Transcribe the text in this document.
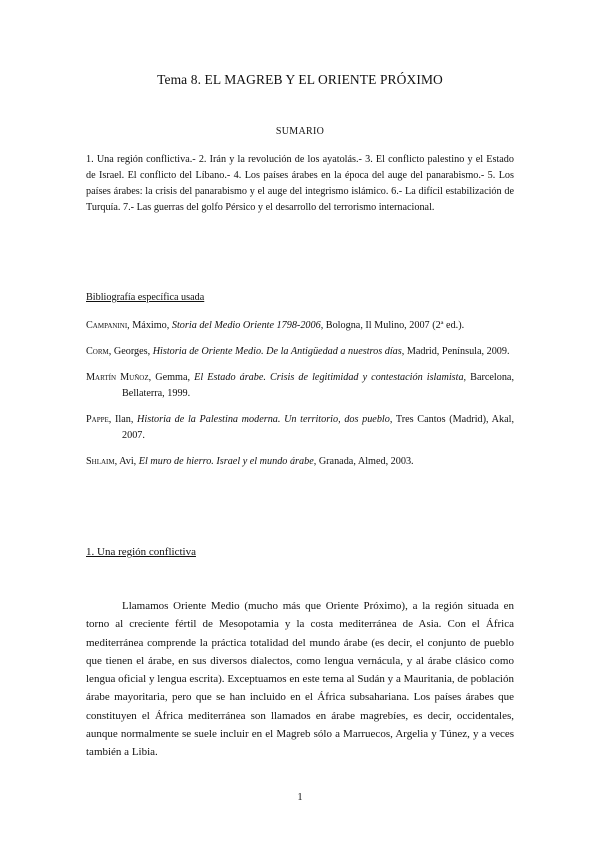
Tema 8. EL MAGREB Y EL ORIENTE PRÓXIMO
SUMARIO
1. Una región conflictiva.- 2. Irán y la revolución de los ayatolás.- 3. El conflicto palestino y el Estado de Israel. El conflicto del Líbano.- 4. Los países árabes en la época del auge del panarabismo.- 5. Los países árabes: la crisis del panarabismo y el auge del integrismo islámico. 6.- La difícil estabilización de Turquía. 7.- Las guerras del golfo Pérsico y el desarrollo del terrorismo internacional.
Bibliografía específica usada

Campanini, Máximo, Storia del Medio Oriente 1798-2006, Bologna, Il Mulino, 2007 (2ª ed.).

Corm, Georges, Historia de Oriente Medio. De la Antigüedad a nuestros días, Madrid, Península, 2009.

Martín Muñoz, Gemma, El Estado árabe. Crisis de legitimidad y contestación islamista, Barcelona, Bellaterra, 1999.

Pappe, Ilan, Historia de la Palestina moderna. Un territorio, dos pueblo, Tres Cantos (Madrid), Akal, 2007.

Shlaim, Avi, El muro de hierro. Israel y el mundo árabe, Granada, Almed, 2003.

1. Una región conflictiva
Llamamos Oriente Medio (mucho más que Oriente Próximo), a la región situada en torno al creciente fértil de Mesopotamia y la costa mediterránea de Asia. Con el África mediterránea comprende la práctica totalidad del mundo árabe (es decir, el conjunto de pueblo que tienen el árabe, en sus diversos dialectos, como lengua vernácula, y al árabe clásico como lengua oficial y lengua escrita). Exceptuamos en este tema al Sudán y a Mauritania, de población árabe mayoritaria, pero que se han incluido en el África subsahariana. Los países árabes que constituyen el África mediterránea son llamados en árabe magrebíes, es decir, occidentales, aunque normalmente se suele incluir en el Magreb sólo a Marruecos, Argelia y Túnez, y a veces también a Libia.
1
